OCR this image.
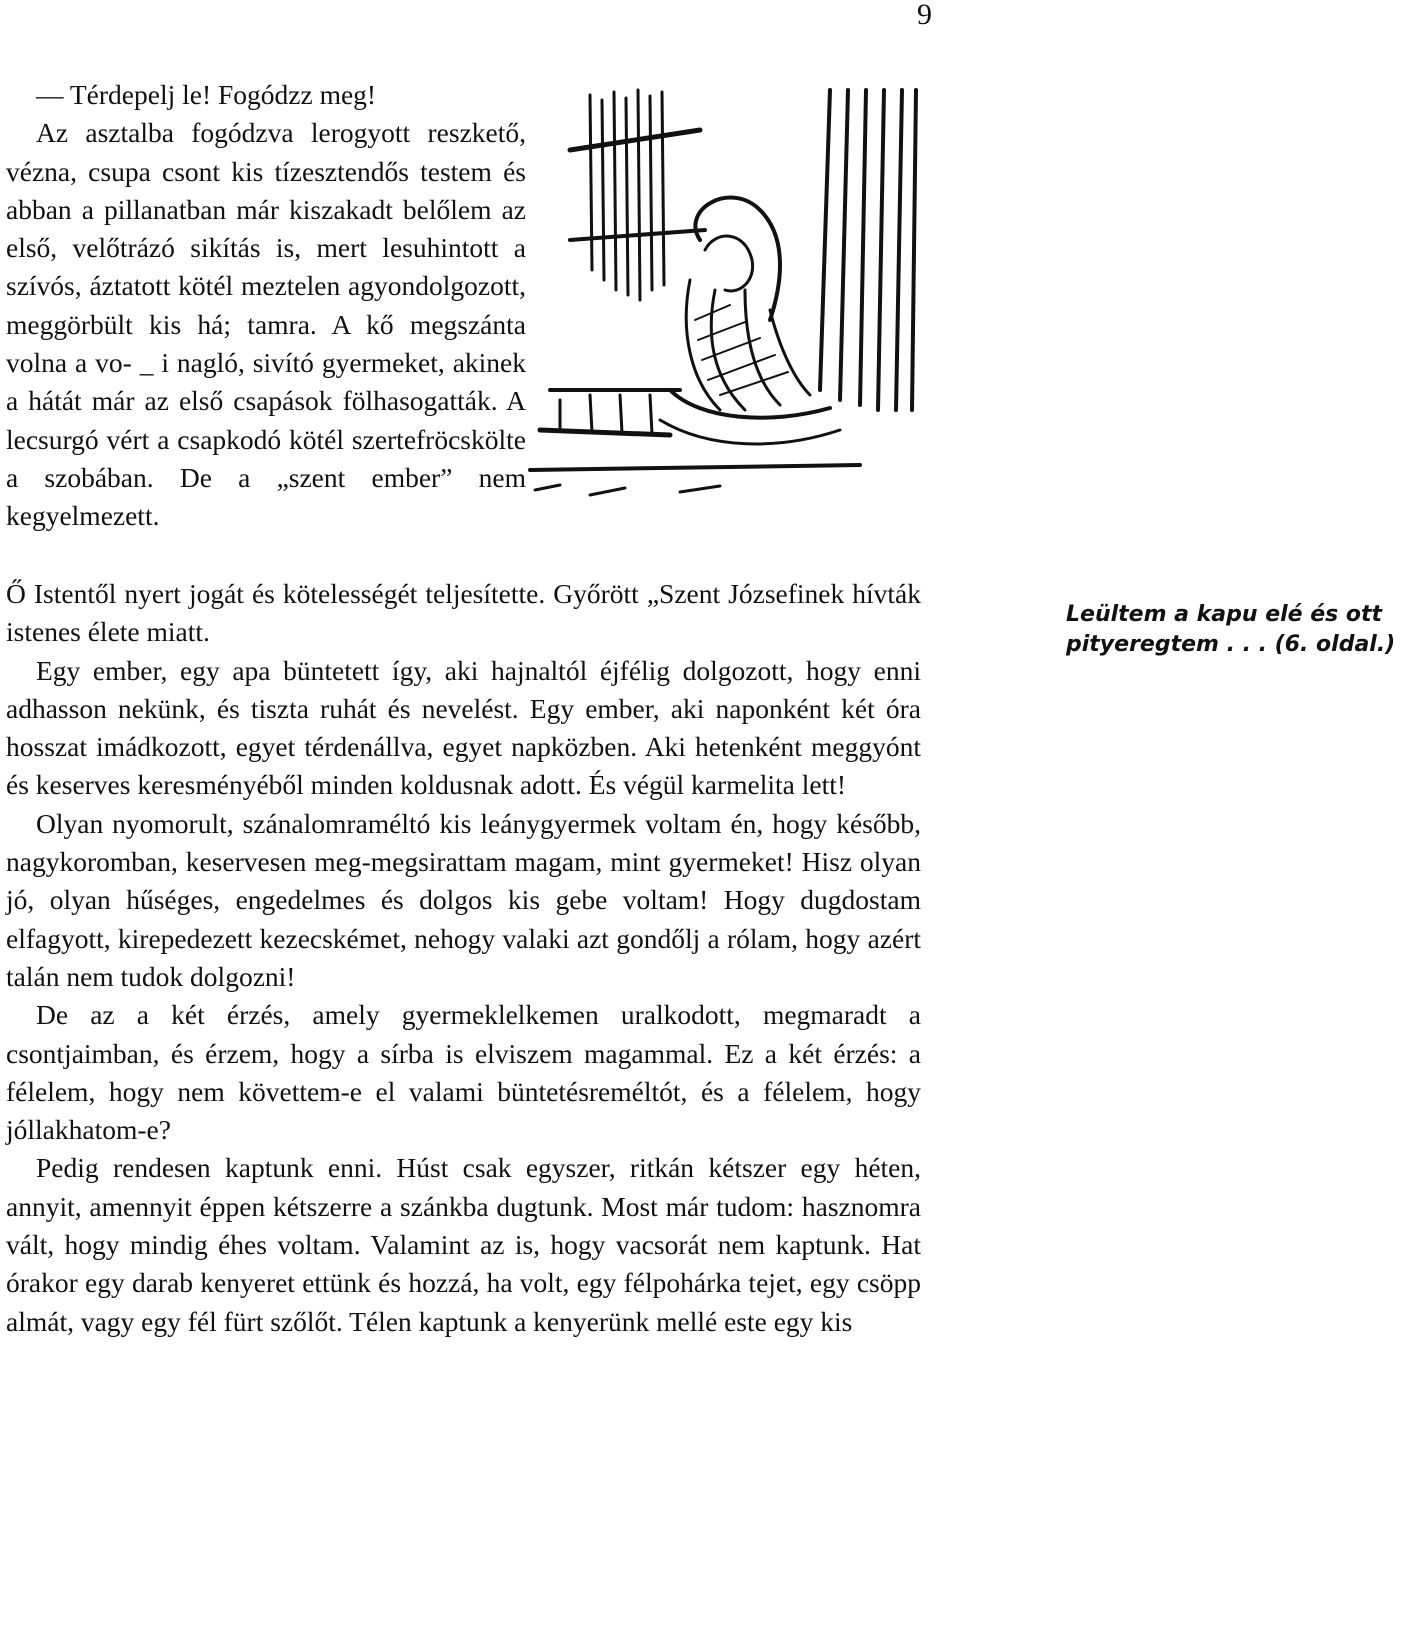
9
Leültem a kapu elé és ott
pityeregtem . . . (6. oldal.)

— Térdepelj le! Fogódzz meg!

Az asztalba fogódzva lerogyott reszkető, vézna, csupa csont kis tízesztendős testem és abban a pillanatban már kiszakadt belőlem az első, velőtrázó sikítás is, mert lesuhintott a szívós, áztatott kötél meztelen agyondolgozott, meggörbült kis há; tamra. A kő megszánta volna a vo- _ i nagló, sivító gyermeket, akinek a hátát már az első csapások fölhasogatták. A lecsurgó vért a csapkodó kötél szertefröcskölte a szobában. De a „szent ember” nem kegyelmezett.

Ő Istentől nyert jogát és kötelességét teljesítette. Győrött „Szent Józsefinek hívták istenes élete miatt.

Egy ember, egy apa büntetett így, aki hajnaltól éjfélig dolgozott, hogy enni adhasson nekünk, és tiszta ruhát és nevelést. Egy ember, aki naponként két óra hosszat imádkozott, egyet térdenállva, egyet napközben. Aki hetenként meggyónt és keserves keresményéből minden koldusnak adott. És végül karmelita lett!

Olyan nyomorult, szánalomraméltó kis leánygyermek voltam én, hogy később, nagykoromban, keservesen meg-megsirattam magam, mint gyermeket! Hisz olyan jó, olyan hűséges, engedelmes és dolgos kis gebe voltam! Hogy dugdostam elfagyott, kirepedezett kezecskémet, nehogy valaki azt gondőlj a rólam, hogy azért talán nem tudok dolgozni!

De az a két érzés, amely gyermeklelkemen uralkodott, megmaradt a csontjaimban, és érzem, hogy a sírba is elviszem magammal. Ez a két érzés: a félelem, hogy nem követtem-e el valami büntetésreméltót, és a félelem, hogy jóllakhatom-e?

Pedig rendesen kaptunk enni. Húst csak egyszer, ritkán kétszer egy héten, annyit, amennyit éppen kétszerre a szánkba dugtunk. Most már tudom: hasznomra vált, hogy mindig éhes voltam. Valamint az is, hogy vacsorát nem kaptunk. Hat órakor egy darab kenyeret ettünk és hozzá, ha volt, egy félpohárka tejet, egy csöpp almát, vagy egy fél fürt szőlőt. Télen kaptunk a kenyerünk mellé este egy kis
